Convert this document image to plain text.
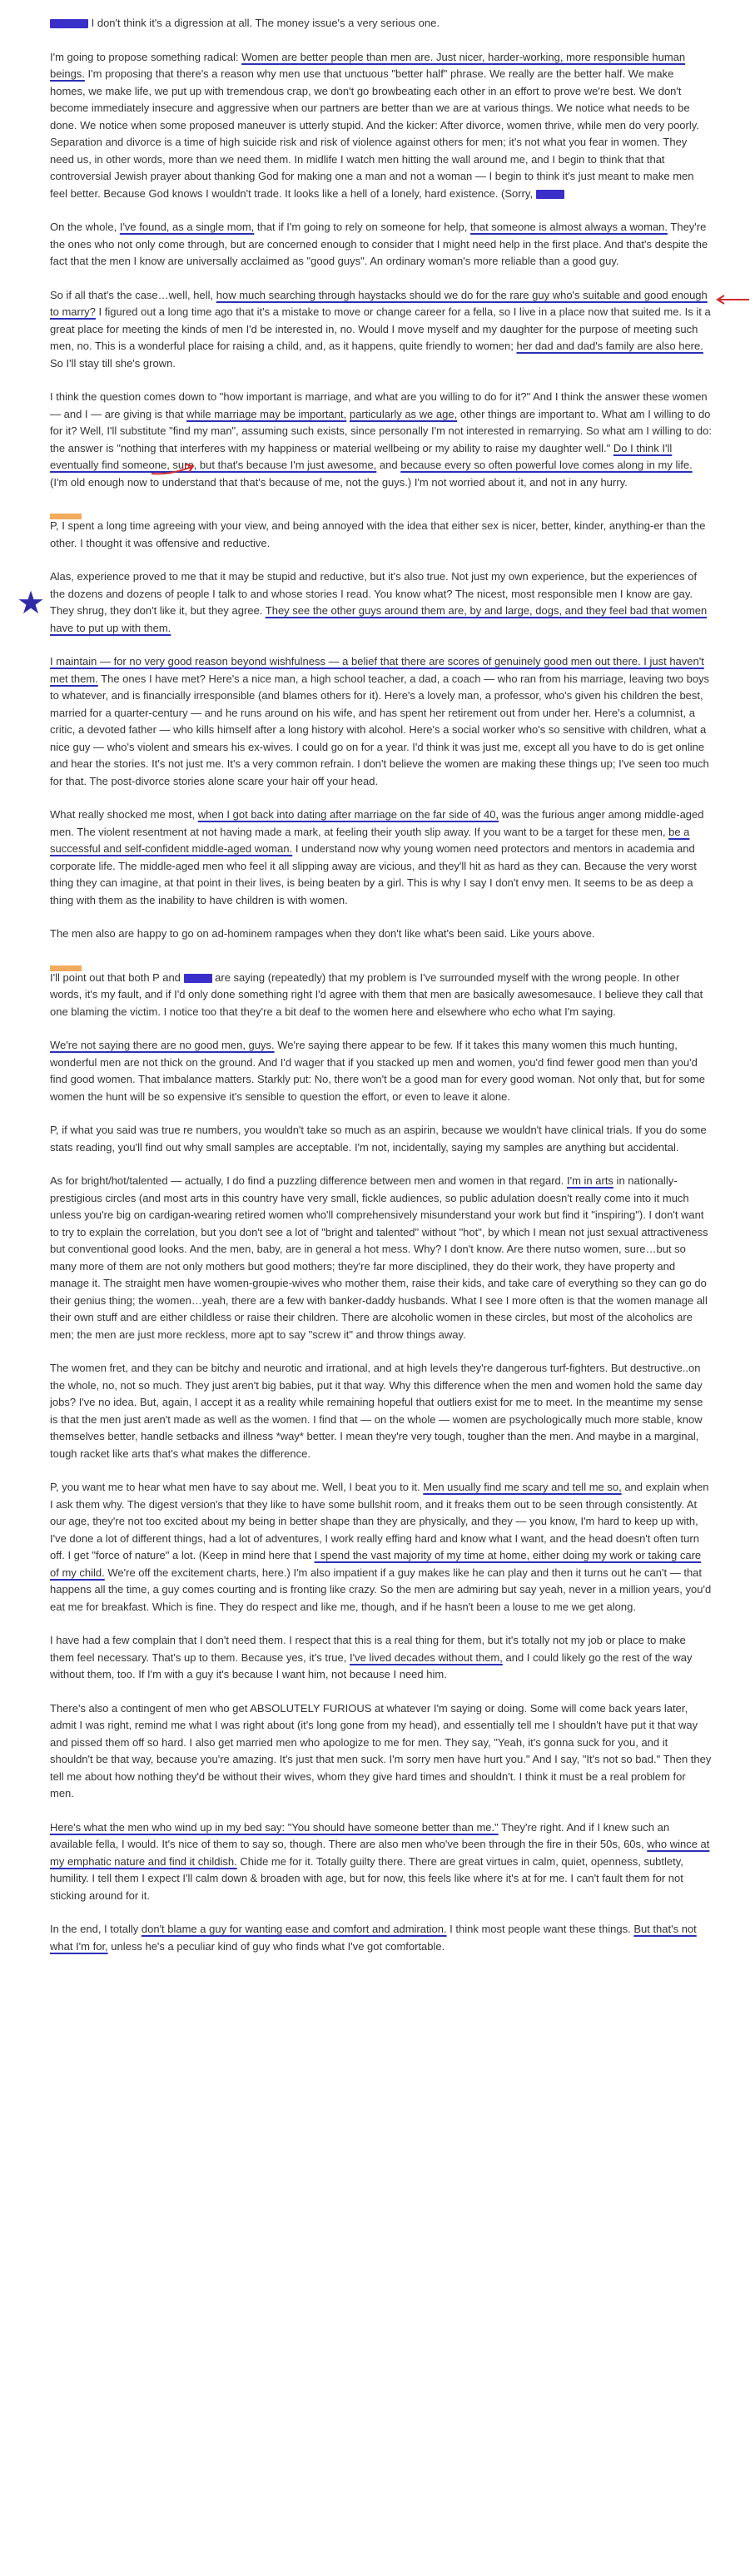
I don't think it's a digression at all. The money issue's a very serious one.

I'm going to propose something radical: Women are better people than men are. Just nicer, harder-working, more responsible human beings. I'm proposing that there's a reason why men use that unctuous "better half" phrase. We really are the better half. We make homes, we make life, we put up with tremendous crap, we don't go browbeating each other in an effort to prove we're best. We don't become immediately insecure and aggressive when our partners are better than we are at various things. We notice what needs to be done. We notice when some proposed maneuver is utterly stupid. And the kicker: After divorce, women thrive, while men do very poorly. Separation and divorce is a time of high suicide risk and risk of violence against others for men; it's not what you fear in women. They need us, in other words, more than we need them. In midlife I watch men hitting the wall around me, and I begin to think that that controversial Jewish prayer about thanking God for making one a man and not a woman — I begin to think it's just meant to make men feel better. Because God knows I wouldn't trade. It looks like a hell of a lonely, hard existence. (Sorry,

On the whole, I've found, as a single mom, that if I'm going to rely on someone for help, that someone is almost always a woman. They're the ones who not only come through, but are concerned enough to consider that I might need help in the first place. And that's despite the fact that the men I know are universally acclaimed as "good guys". An ordinary woman's more reliable than a good guy.

So if all that's the case…well, hell, how much searching through haystacks should we do for the rare guy who's suitable and good enough to marry? I figured out a long time ago that it's a mistake to move or change career for a fella, so I live in a place now that suited me. Is it a great place for meeting the kinds of men I'd be interested in, no. Would I move myself and my daughter for the purpose of meeting such men, no. This is a wonderful place for raising a child, and, as it happens, quite friendly to women; her dad and dad's family are also here. So I'll stay till she's grown.

I think the question comes down to "how important is marriage, and what are you willing to do for it?" And I think the answer these women — and I — are giving is that while marriage may be important, particularly as we age, other things are important to. What am I willing to do for it? Well, I'll substitute "find my man", assuming such exists, since personally I'm not interested in remarrying. So what am I willing to do: the answer is "nothing that interferes with my happiness or material wellbeing or my ability to raise my daughter well." Do I think I'll eventually find someone, sure, but that's because I'm just awesome, and because every so often powerful love comes along in my life. (I'm old enough now to understand that that's because of me, not the guys.) I'm not worried about it, and not in any hurry.

P, I spent a long time agreeing with your view, and being annoyed with the idea that either sex is nicer, better, kinder, anything-er than the other. I thought it was offensive and reductive.

Alas, experience proved to me that it may be stupid and reductive, but it's also true. Not just my own experience, but the experiences of the dozens and dozens of people I talk to and whose stories I read. You know what? The nicest, most responsible men I know are gay. They shrug, they don't like it, but they agree. They see the other guys around them are, by and large, dogs, and they feel bad that women have to put up with them.

I maintain — for no very good reason beyond wishfulness — a belief that there are scores of genuinely good men out there. I just haven't met them. The ones I have met? Here's a nice man, a high school teacher, a dad, a coach — who ran from his marriage, leaving two boys to whatever, and is financially irresponsible (and blames others for it). Here's a lovely man, a professor, who's given his children the best, married for a quarter-century — and he runs around on his wife, and has spent her retirement out from under her. Here's a columnist, a critic, a devoted father — who kills himself after a long history with alcohol. Here's a social worker who's so sensitive with children, what a nice guy — who's violent and smears his ex-wives. I could go on for a year. I'd think it was just me, except all you have to do is get online and hear the stories. It's not just me. It's a very common refrain. I don't believe the women are making these things up; I've seen too much for that. The post-divorce stories alone scare your hair off your head.

What really shocked me most, when I got back into dating after marriage on the far side of 40, was the furious anger among middle-aged men. The violent resentment at not having made a mark, at feeling their youth slip away. If you want to be a target for these men, be a successful and self-confident middle-aged woman. I understand now why young women need protectors and mentors in academia and corporate life. The middle-aged men who feel it all slipping away are vicious, and they'll hit as hard as they can. Because the very worst thing they can imagine, at that point in their lives, is being beaten by a girl. This is why I say I don't envy men. It seems to be as deep a thing with them as the inability to have children is with women.

The men also are happy to go on ad-hominem rampages when they don't like what's been said. Like yours above.

I'll point out that both P and	are saying (repeatedly) that my problem is I've surrounded myself with the wrong people. In other words, it's my fault, and if I'd only done something right I'd agree with them that men are basically awesomesauce. I believe they call that one blaming the victim. I notice too that they're a bit deaf to the women here and elsewhere who echo what I'm saying.

We're not saying there are no good men, guys. We're saying there appear to be few. If it takes this many women this much hunting, wonderful men are not thick on the ground. And I'd wager that if you stacked up men and women, you'd find fewer good men than you'd find good women. That imbalance matters. Starkly put: No, there won't be a good man for every good woman. Not only that, but for some women the hunt will be so expensive it's sensible to question the effort, or even to leave it alone.

P, if what you said was true re numbers, you wouldn't take so much as an aspirin, because we wouldn't have clinical trials. If you do some stats reading, you'll find out why small samples are acceptable. I'm not, incidentally, saying my samples are anything but accidental.

As for bright/hot/talented — actually, I do find a puzzling difference between men and women in that regard. I'm in arts in nationally-prestigious circles (and most arts in this country have very small, fickle audiences, so public adulation doesn't really come into it much unless you're big on cardigan-wearing retired women who'll comprehensively misunderstand your work but find it "inspiring"). I don't want to try to explain the correlation, but you don't see a lot of "bright and talented" without "hot", by which I mean not just sexual attractiveness but conventional good looks. And the men, baby, are in general a hot mess. Why? I don't know. Are there nutso women, sure…but so many more of them are not only mothers but good mothers; they're far more disciplined, they do their work, they have property and manage it. The straight men have women-groupie-wives who mother them, raise their kids, and take care of everything so they can go do their genius thing; the women…yeah, there are a few with banker-daddy husbands. What I see I more often is that the women manage all their own stuff and are either childless or raise their children. There are alcoholic women in these circles, but most of the alcoholics are men; the men are just more reckless, more apt to say "screw it" and throw things away.

The women fret, and they can be bitchy and neurotic and irrational, and at high levels they're dangerous turf-fighters. But destructive..on the whole, no, not so much. They just aren't big babies, put it that way. Why this difference when the men and women hold the same day jobs? I've no idea. But, again, I accept it as a reality while remaining hopeful that outliers exist for me to meet. In the meantime my sense is that the men just aren't made as well as the women. I find that — on the whole — women are psychologically much more stable, know themselves better, handle setbacks and illness *way* better. I mean they're very tough, tougher than the men. And maybe in a marginal, tough racket like arts that's what makes the difference.

P, you want me to hear what men have to say about me. Well, I beat you to it. Men usually find me scary and tell me so, and explain when I ask them why. The digest version's that they like to have some bullshit room, and it freaks them out to be seen through consistently. At our age, they're not too excited about my being in better shape than they are physically, and they — you know, I'm hard to keep up with, I've done a lot of different things, had a lot of adventures, I work really effing hard and know what I want, and the head doesn't often turn off. I get "force of nature" a lot. (Keep in mind here that I spend the vast majority of my time at home, either doing my work or taking care of my child. We're off the excitement charts, here.) I'm also impatient if a guy makes like he can play and then it turns out he can't — that happens all the time, a guy comes courting and is fronting like crazy. So the men are admiring but say yeah, never in a million years, you'd eat me for breakfast. Which is fine. They do respect and like me, though, and if he hasn't been a louse to me we get along.

I have had a few complain that I don't need them. I respect that this is a real thing for them, but it's totally not my job or place to make them feel necessary. That's up to them. Because yes, it's true, I've lived decades without them, and I could likely go the rest of the way without them, too. If I'm with a guy it's because I want him, not because I need him.

There's also a contingent of men who get ABSOLUTELY FURIOUS at whatever I'm saying or doing. Some will come back years later, admit I was right, remind me what I was right about (it's long gone from my head), and essentially tell me I shouldn't have put it that way and pissed them off so hard. I also get married men who apologize to me for men. They say, "Yeah, it's gonna suck for you, and it shouldn't be that way, because you're amazing. It's just that men suck. I'm sorry men have hurt you." And I say, "It's not so bad." Then they tell me about how nothing they'd be without their wives, whom they give hard times and shouldn't. I think it must be a real problem for men.

Here's what the men who wind up in my bed say: "You should have someone better than me." They're right. And if I knew such an available fella, I would. It's nice of them to say so, though. There are also men who've been through the fire in their 50s, 60s, who wince at my emphatic nature and find it childish. Chide me for it. Totally guilty there. There are great virtues in calm, quiet, openness, subtlety, humility. I tell them I expect I'll calm down & broaden with age, but for now, this feels like where it's at for me. I can't fault them for not sticking around for it.

In the end, I totally don't blame a guy for wanting ease and comfort and admiration. I think most people want these things. But that's not what I'm for, unless he's a peculiar kind of guy who finds what I've got comfortable.

★
